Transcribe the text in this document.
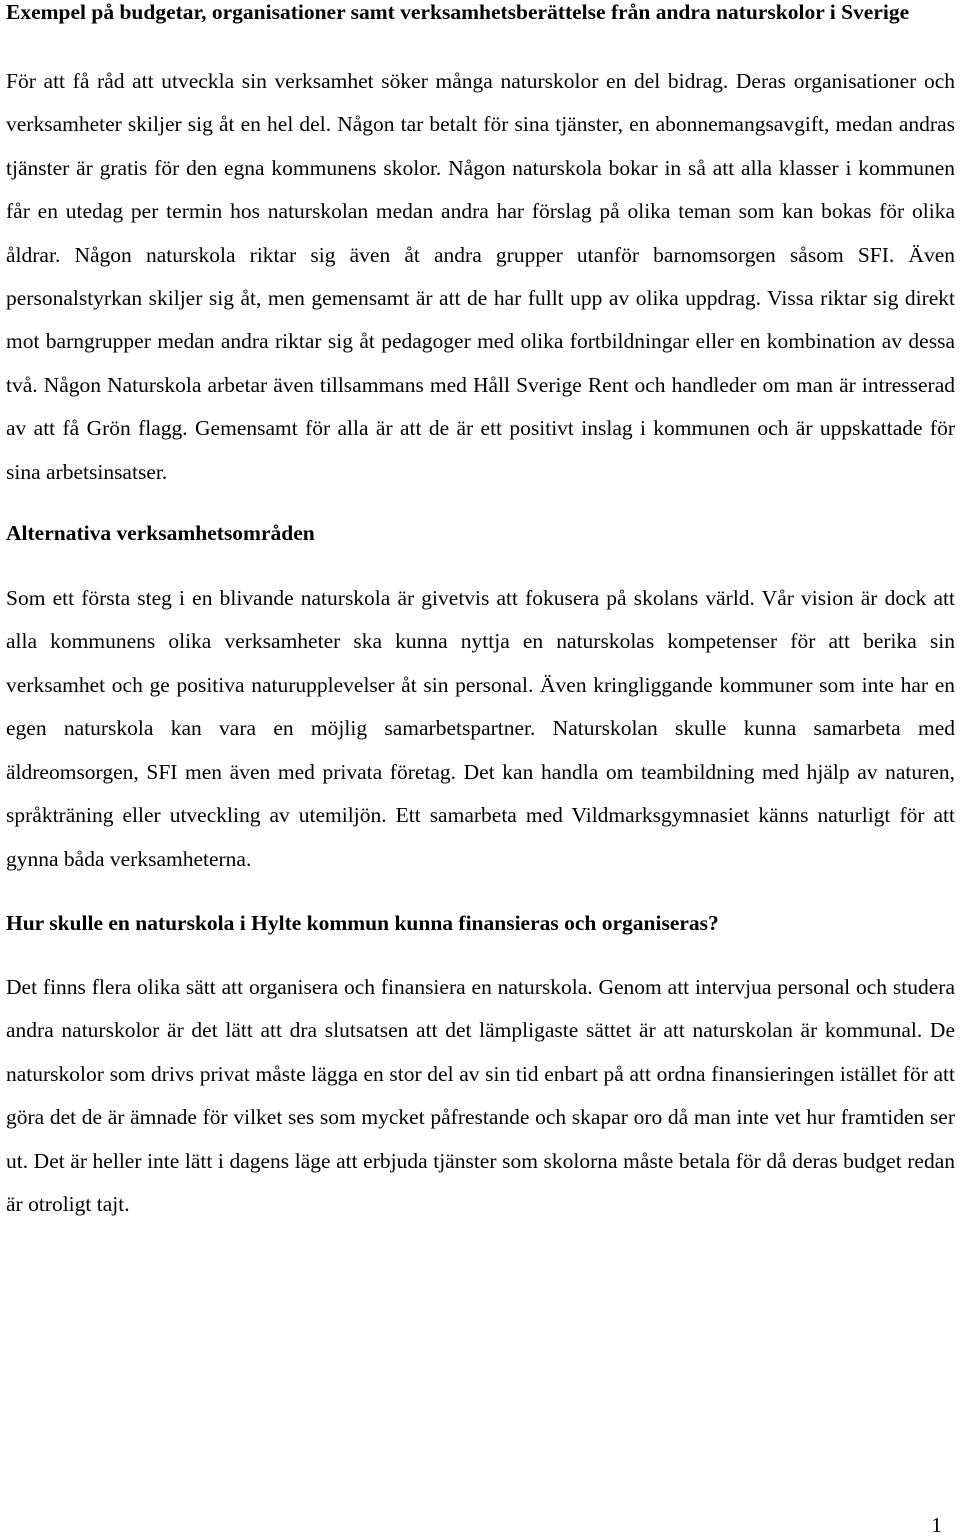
Exempel på budgetar, organisationer samt verksamhetsberättelse från andra naturskolor i Sverige

För att få råd att utveckla sin verksamhet söker många naturskolor en del bidrag. Deras organisationer och verksamheter skiljer sig åt en hel del. Någon tar betalt för sina tjänster, en abonnemangsavgift, medan andras tjänster är gratis för den egna kommunens skolor. Någon naturskola bokar in så att alla klasser i kommunen får en utedag per termin hos naturskolan medan andra har förslag på olika teman som kan bokas för olika åldrar. Någon naturskola riktar sig även åt andra grupper utanför barnomsorgen såsom SFI. Även personalstyrkan skiljer sig åt, men gemensamt är att de har fullt upp av olika uppdrag. Vissa riktar sig direkt mot barngrupper medan andra riktar sig åt pedagoger med olika fortbildningar eller en kombination av dessa två. Någon Naturskola arbetar även tillsammans med Håll Sverige Rent och handleder om man är intresserad av att få Grön flagg. Gemensamt för alla är att de är ett positivt inslag i kommunen och är uppskattade för sina arbetsinsatser.

Alternativa verksamhetsområden

Som ett första steg i en blivande naturskola är givetvis att fokusera på skolans värld. Vår vision är dock att alla kommunens olika verksamheter ska kunna nyttja en naturskolas kompetenser för att berika sin verksamhet och ge positiva naturupplevelser åt sin personal. Även kringliggande kommuner som inte har en egen naturskola kan vara en möjlig samarbetspartner. Naturskolan skulle kunna samarbeta med äldreomsorgen, SFI men även med privata företag. Det kan handla om teambildning med hjälp av naturen, språkträning eller utveckling av utemiljön. Ett samarbeta med Vildmarksgymnasiet känns naturligt för att gynna båda verksamheterna.

Hur skulle en naturskola i Hylte kommun kunna finansieras och organiseras?

Det finns flera olika sätt att organisera och finansiera en naturskola. Genom att intervjua personal och studera andra naturskolor är det lätt att dra slutsatsen att det lämpligaste sättet är att naturskolan är kommunal. De naturskolor som drivs privat måste lägga en stor del av sin tid enbart på att ordna finansieringen istället för att göra det de är ämnade för vilket ses som mycket påfrestande och skapar oro då man inte vet hur framtiden ser ut. Det är heller inte lätt i dagens läge att erbjuda tjänster som skolorna måste betala för då deras budget redan är otroligt tajt.

1
